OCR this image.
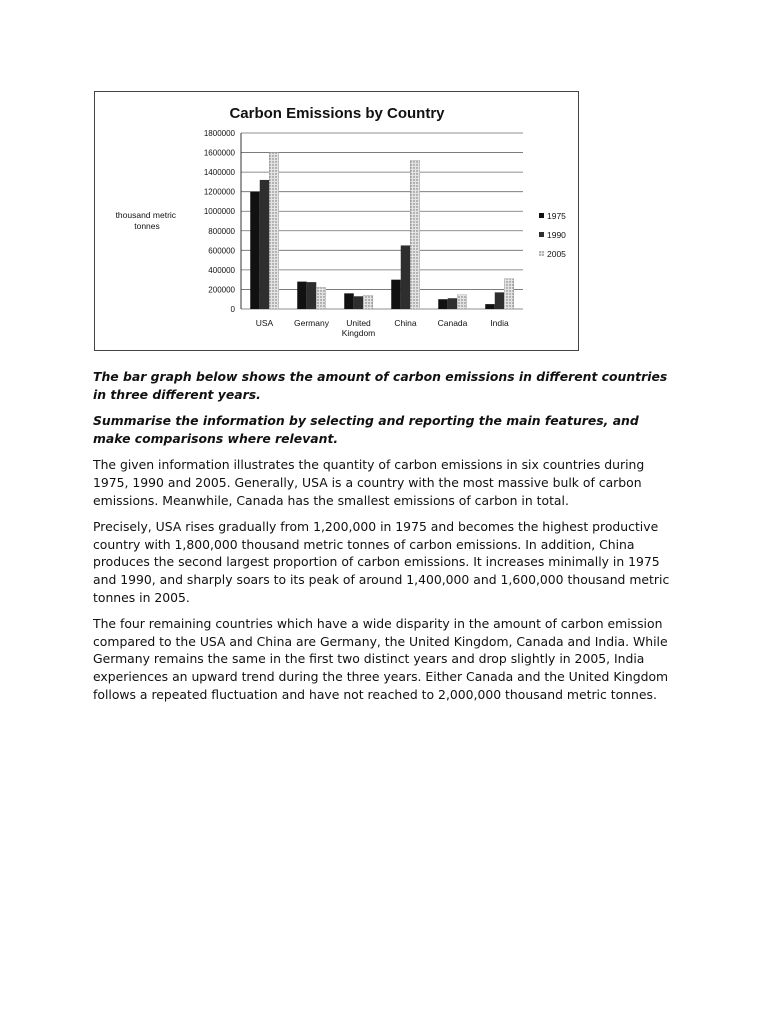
Carbon Emissions by Country
thousand metric tonnes
0
200000
400000
600000
800000
1000000
1200000
1400000
1600000
1800000
USA Germany	United Kingdom
China Canada	India
1975
1990
2005

The bar graph below shows the amount of carbon emissions in different countries in three different years.

Summarise the information by selecting and reporting the main features, and make comparisons where relevant.

The given information illustrates the quantity of carbon emissions in six countries during 1975, 1990 and 2005. Generally, USA is a country with the most massive bulk of carbon emissions. Meanwhile, Canada has the smallest emissions of carbon in total.

Precisely, USA rises gradually from 1,200,000 in 1975 and becomes the highest productive country with 1,800,000 thousand metric tonnes of carbon emissions. In addition, China produces the second largest proportion of carbon emissions. It increases minimally in 1975 and 1990, and sharply soars to its peak of around 1,400,000 and 1,600,000 thousand metric tonnes in 2005.

The four remaining countries which have a wide disparity in the amount of carbon emission compared to the USA and China are Germany, the United Kingdom, Canada and India. While Germany remains the same in the first two distinct years and drop slightly in 2005, India experiences an upward trend during the three years. Either Canada and the United Kingdom follows a repeated fluctuation and have not reached to 2,000,000 thousand metric tonnes.
